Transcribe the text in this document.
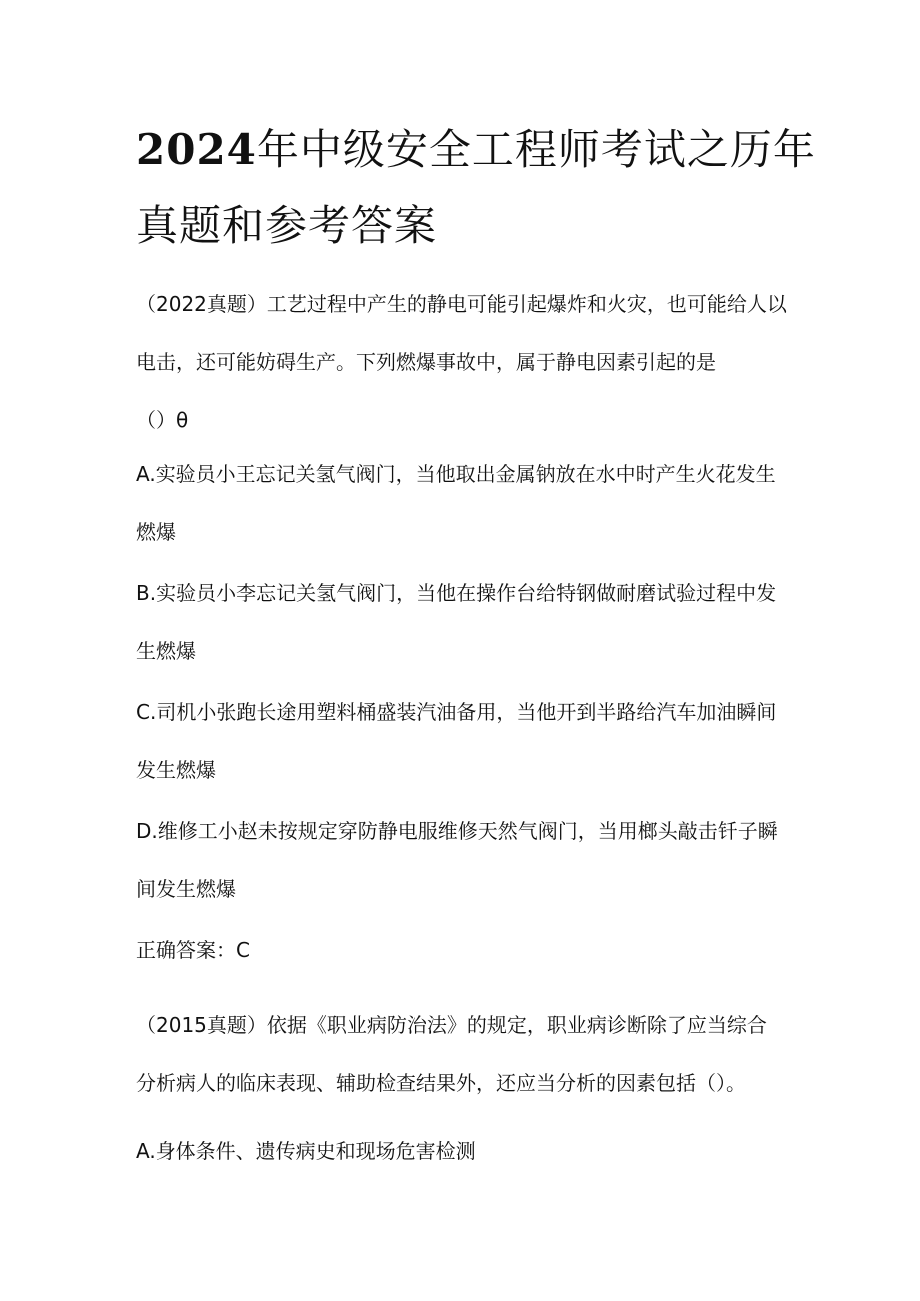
2024年中级安全工程师考试之历年
真题和参考答案
（2022真题）工艺过程中产生的静电可能引起爆炸和火灾，也可能给人以
电击，还可能妨碍生产。下列燃爆事故中，属于静电因素引起的是
（）θ
A.实验员小王忘记关氢气阀门，当他取出金属钠放在水中时产生火花发生
燃爆
B.实验员小李忘记关氢气阀门，当他在操作台给特钢做耐磨试验过程中发
生燃爆
C.司机小张跑长途用塑料桶盛装汽油备用，当他开到半路给汽车加油瞬间
发生燃爆
D.维修工小赵未按规定穿防静电服维修天然气阀门，当用榔头敲击钎子瞬
间发生燃爆
正确答案：C
（2015真题）依据《职业病防治法》的规定，职业病诊断除了应当综合
分析病人的临床表现、辅助检查结果外，还应当分析的因素包括（）。
A.身体条件、遗传病史和现场危害检测
